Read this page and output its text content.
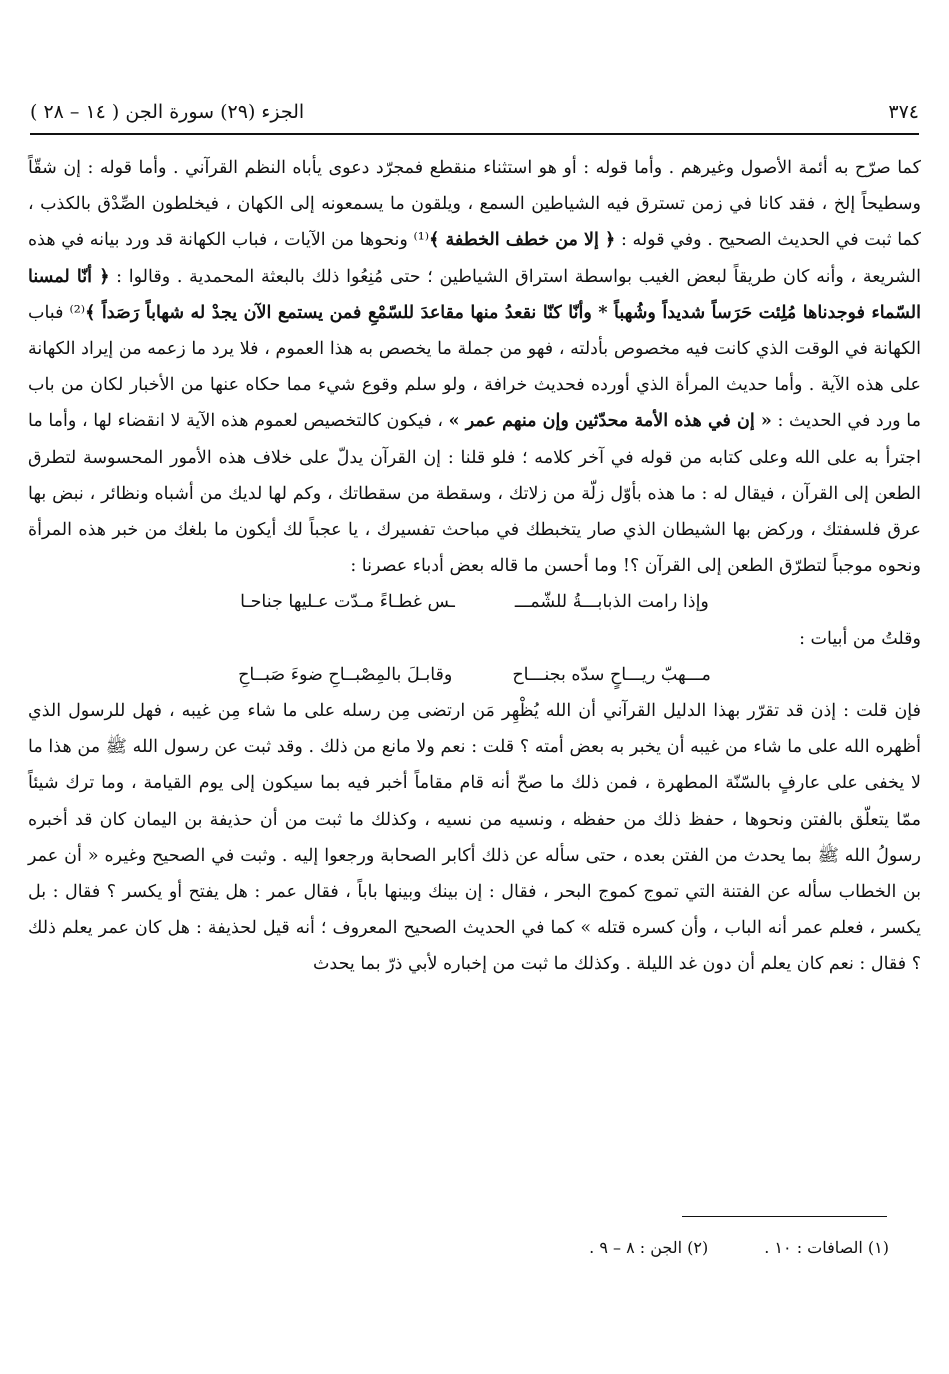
٣٧٤
الجزء (٢٩) سورة الجن ( ١٤ – ٢٨ )

كما صرّح به أئمة الأصول وغيرهم . وأما قوله : أو هو استثناء منقطع فمجرّد دعوى يأباه النظم القرآني . وأما قوله : إن شقّاً وسطيحاً إلخ ، فقد كانا في زمن تسترق فيه الشياطين السمع ، ويلقون ما يسمعونه إلى الكهان ، فيخلطون الصِّدْق بالكذب ، كما ثبت في الحديث الصحيح . وفي قوله : ﴿ إلا من خطف الخطفة ﴾⁽¹⁾ ونحوها من الآيات ، فباب الكهانة قد ورد بيانه في هذه الشريعة ، وأنه كان طريقاً لبعض الغيب بواسطة استراق الشياطين ؛ حتى مُنِعُوا ذلك بالبعثة المحمدية . وقالوا : ﴿ أنّا لمسنا السّماء فوجدناها مُلِئت حَرَساً شديداً وشُهباً * وأنّا كنّا نقعدُ منها مقاعدَ للسّمْعِ فمن يستمع الآن يجدْ له شهاباً رَصَداً ﴾⁽²⁾ فباب الكهانة في الوقت الذي كانت فيه مخصوص بأدلته ، فهو من جملة ما يخصص به هذا العموم ، فلا يرد ما زعمه من إيراد الكهانة على هذه الآية . وأما حديث المرأة الذي أورده فحديث خرافة ، ولو سلم وقوع شيء مما حكاه عنها من الأخبار لكان من باب ما ورد في الحديث : « إن في هذه الأمة محدّثين وإن منهم عمر » ، فيكون كالتخصيص لعموم هذه الآية لا انقضاء لها ، وأما ما اجترأ به على الله وعلى كتابه من قوله في آخر كلامه ؛ فلو قلنا : إن القرآن يدلّ على خلاف هذه الأمور المحسوسة لتطرق الطعن إلى القرآن ، فيقال له : ما هذه بأوّل زلّة من زلاتك ، وسقطة من سقطاتك ، وكم لها لديك من أشباه ونظائر ، نبض بها عرق فلسفتك ، وركض بها الشيطان الذي صار يتخبطك في مباحث تفسيرك ، يا عجباً لك أيكون ما بلغك من خبر هذه المرأة ونحوه موجباً لتطرّق الطعن إلى القرآن ؟! وما أحسن ما قاله بعض أدباء عصرنا :

وإذا رامت الذبابـــةُ للشّمـــ
ـس غطـاءً مـدّت عـليها جناحـا

وقلتُ من أبيات :

مـــهبّ ريـــاحٍ سدّه بجنـــاح
وقابـلَ بالمِصْبــاحِ ضوءَ صَبــاحِ

فإن قلت : إذن قد تقرّر بهذا الدليل القرآني أن الله يُظْهِر مَن ارتضى مِن رسله على ما شاء مِن غيبه ، فهل للرسول الذي أظهره الله على ما شاء من غيبه أن يخبر به بعض أمته ؟ قلت : نعم ولا مانع من ذلك . وقد ثبت عن رسول الله ﷺ من هذا ما لا يخفى على عارفٍ بالسّنّة المطهرة ، فمن ذلك ما صحّ أنه قام مقاماً أخبر فيه بما سيكون إلى يوم القيامة ، وما ترك شيئاً ممّا يتعلّق بالفتن ونحوها ، حفظ ذلك من حفظه ، ونسيه من نسيه ، وكذلك ما ثبت من أن حذيفة بن اليمان كان قد أخبره رسولُ الله ﷺ بما يحدث من الفتن بعده ، حتى سأله عن ذلك أكابر الصحابة ورجعوا إليه . وثبت في الصحيح وغيره « أن عمر بن الخطاب سأله عن الفتنة التي تموج كموج البحر ، فقال : إن بينك وبينها باباً ، فقال عمر : هل يفتح أو يكسر ؟ فقال : بل يكسر ، فعلم عمر أنه الباب ، وأن كسره قتله » كما في الحديث الصحيح المعروف ؛ أنه قيل لحذيفة : هل كان عمر يعلم ذلك ؟ فقال : نعم كان يعلم أن دون غد الليلة . وكذلك ما ثبت من إخباره لأبي ذرّ بما يحدث

(١) الصافات : ١٠ .
(٢) الجن : ٨ – ٩ .
